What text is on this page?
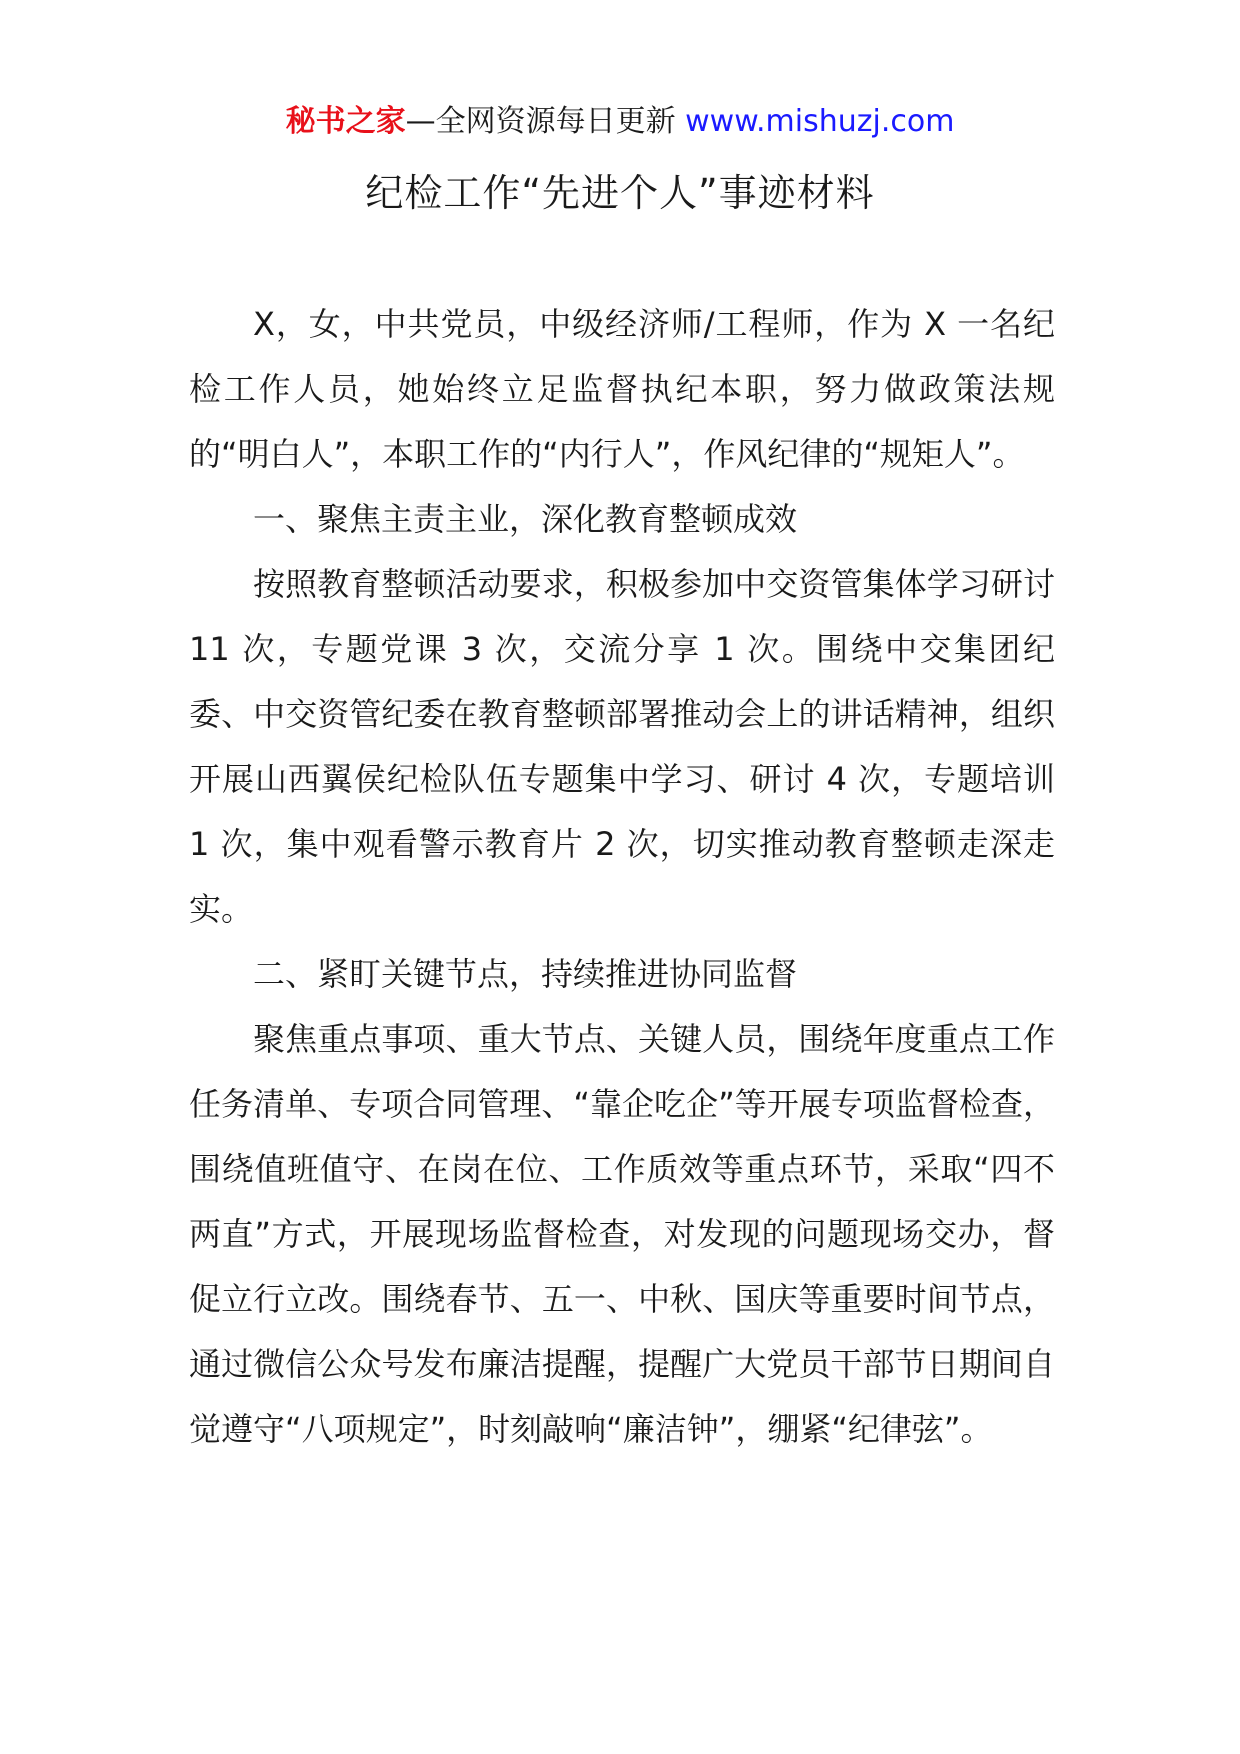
秘书之家—全网资源每日更新 www.mishuzj.com
纪检工作“先进个人”事迹材料

X，女，中共党员，中级经济师/工程师，作为 X 一名纪检工作人员，她始终立足监督执纪本职，努力做政策法规的“明白人”，本职工作的“内行人”，作风纪律的“规矩人”。

一、聚焦主责主业，深化教育整顿成效

按照教育整顿活动要求，积极参加中交资管集体学习研讨 11 次，专题党课 3 次，交流分享 1 次。围绕中交集团纪委、中交资管纪委在教育整顿部署推动会上的讲话精神，组织开展山西翼侯纪检队伍专题集中学习、研讨 4 次，专题培训 1 次，集中观看警示教育片 2 次，切实推动教育整顿走深走实。

二、紧盯关键节点，持续推进协同监督

聚焦重点事项、重大节点、关键人员，围绕年度重点工作任务清单、专项合同管理、“靠企吃企”等开展专项监督检查，围绕值班值守、在岗在位、工作质效等重点环节，采取“四不两直”方式，开展现场监督检查，对发现的问题现场交办，督促立行立改。围绕春节、五一、中秋、国庆等重要时间节点，通过微信公众号发布廉洁提醒，提醒广大党员干部节日期间自觉遵守“八项规定”，时刻敲响“廉洁钟”，绷紧“纪律弦”。
